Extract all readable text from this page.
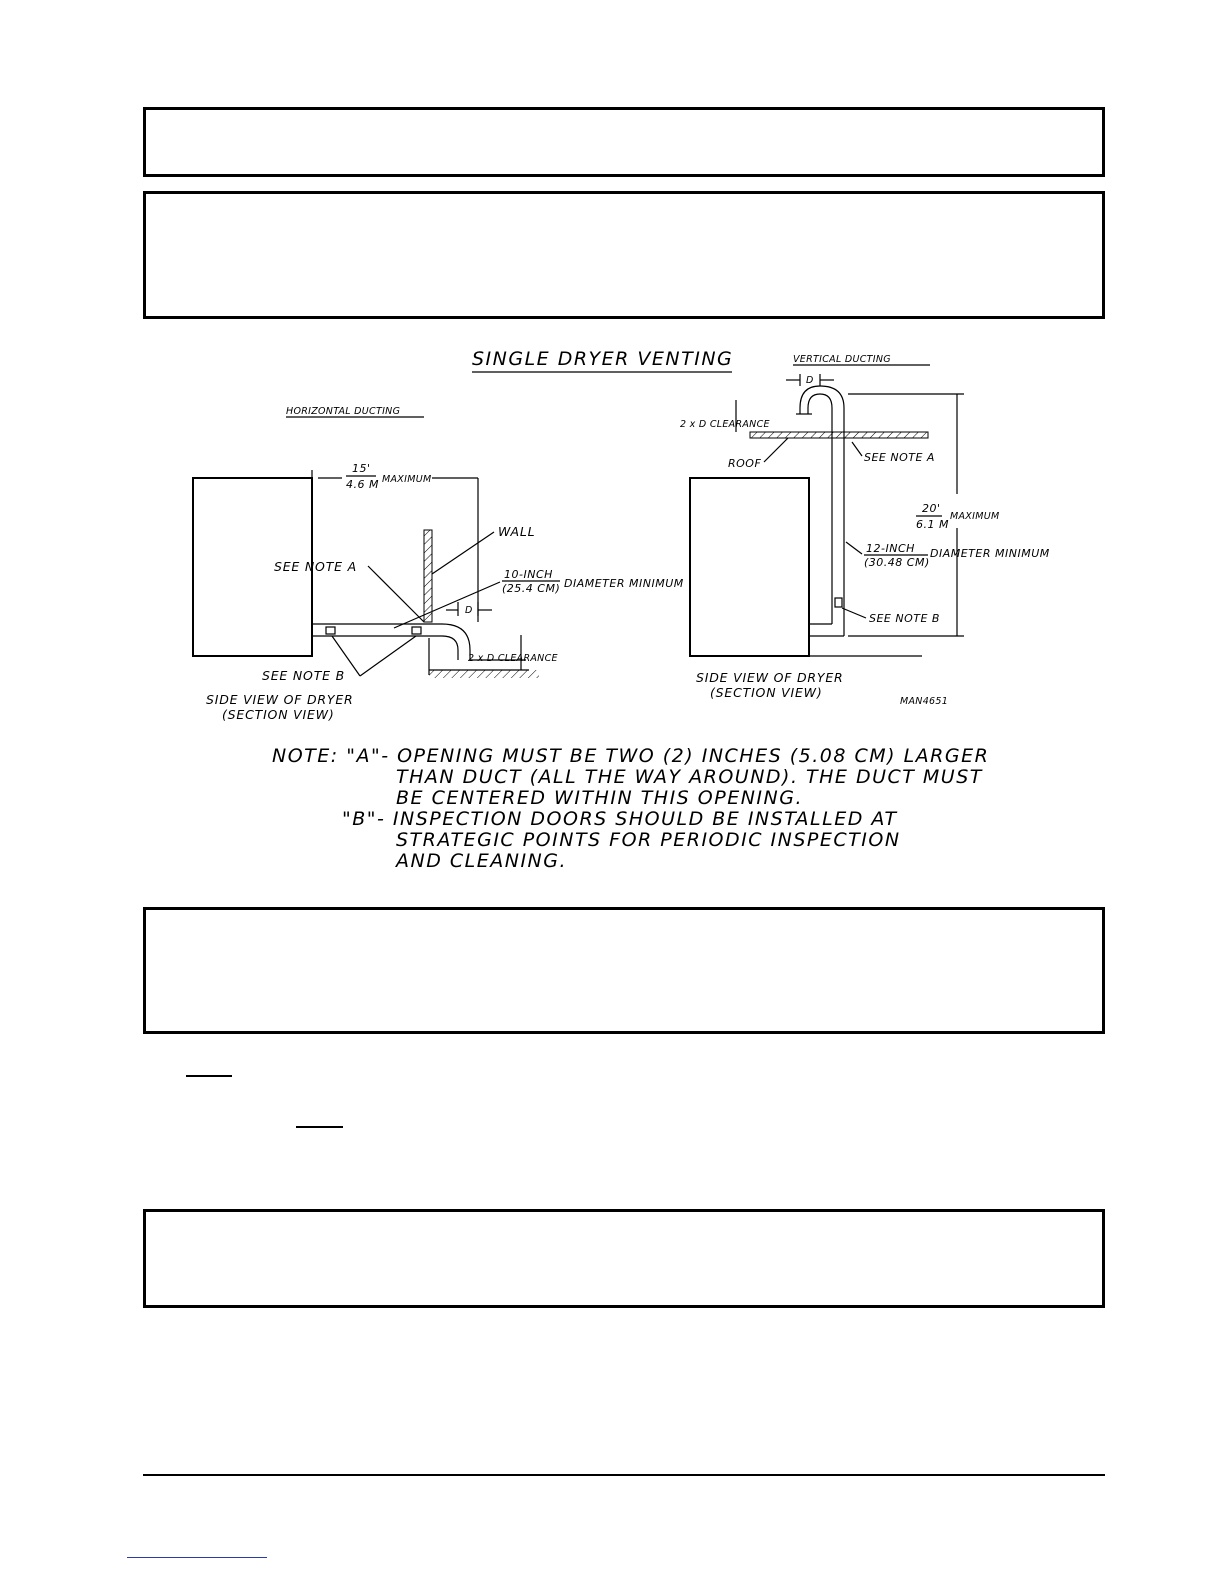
SINGLE DRYER VENTING
HORIZONTAL DUCTING
15'
4.6 M MAXIMUM
WALL
SEE NOTE A
10-INCH
(25.4 CM) DIAMETER MINIMUM
D
2 x D CLEARANCE
SEE NOTE B
SIDE VIEW OF DRYER
(SECTION VIEW)
VERTICAL DUCTING
D
2 x D CLEARANCE
ROOF	SEE NOTE A
20'
6.1 M
MAXIMUM
12-INCH
(30.48 CM)
DIAMETER MINIMUM
SEE NOTE B
SIDE VIEW OF DRYER
(SECTION VIEW)
MAN4651
NOTE: "A"- OPENING MUST BE TWO (2) INCHES (5.08 CM) LARGER
THAN DUCT (ALL THE WAY AROUND). THE DUCT MUST
BE CENTERED WITHIN THIS OPENING.
"B"- INSPECTION DOORS SHOULD BE INSTALLED AT
STRATEGIC POINTS FOR PERIODIC INSPECTION
AND CLEANING.
